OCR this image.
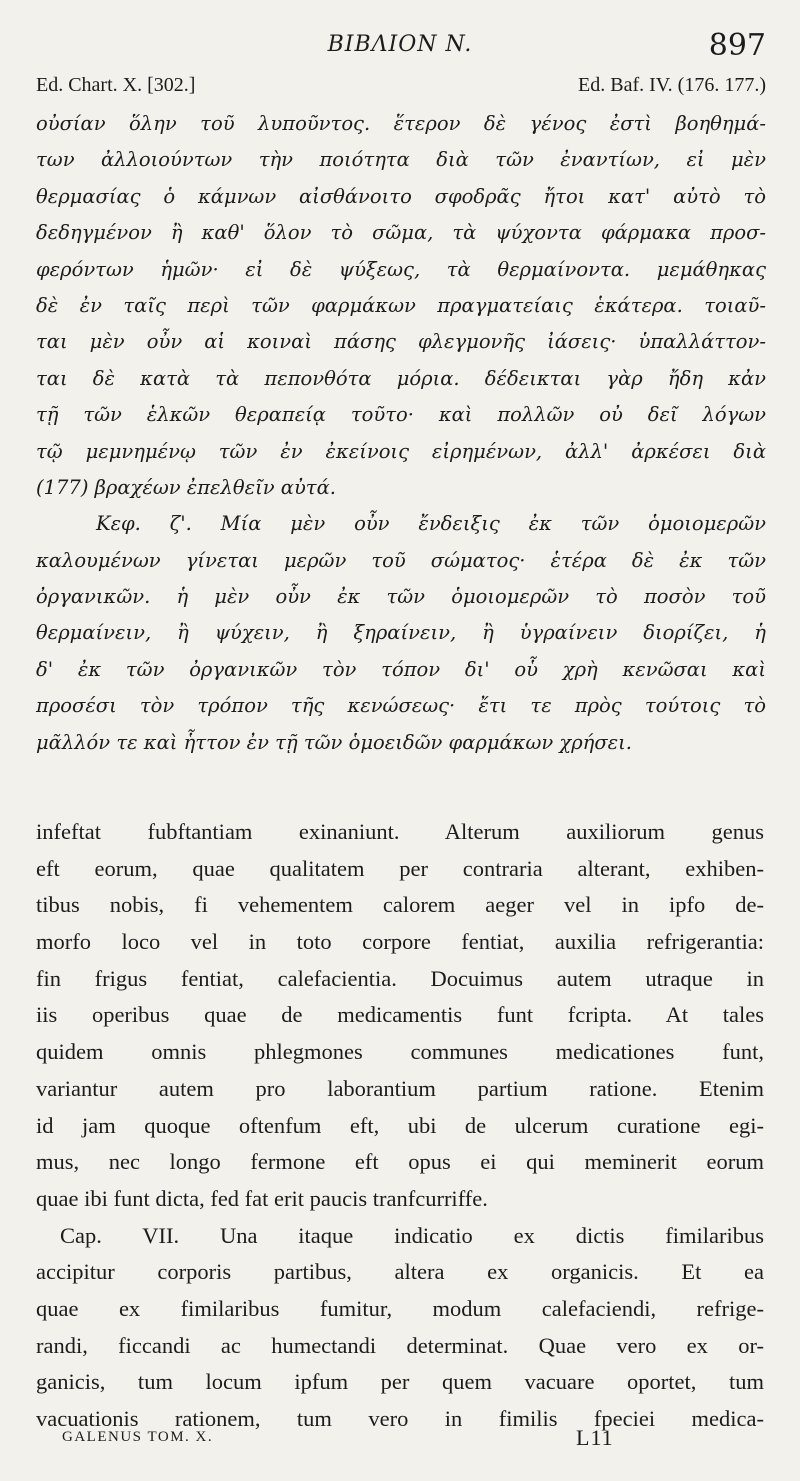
BIBΛION N.	897
Ed. Chart. X. [302.]	Ed. Baf. IV. (176. 177.)
οὐσίαν ὅλην τοῦ λυποῦντος. ἕτερον δὲ γένος ἐστὶ βοηθημά-
των ἀλλοιούντων τὴν ποιότητα διὰ τῶν ἐναντίων, εἰ μὲν
θερμασίας ὁ κάμνων αἰσθάνοιτο σφοδρᾶς ἤτοι κατ' αὐτὸ τὸ
δεδηγμένον ἢ καθ' ὅλον τὸ σῶμα, τὰ ψύχοντα φάρμακα προσ-
φερόντων ἡμῶν· εἰ δὲ ψύξεως, τὰ θερμαίνοντα. μεμάθηκας
δὲ ἐν ταῖς περὶ τῶν φαρμάκων πραγματείαις ἑκάτερα. τοιαῦ-
ται μὲν οὖν αἱ κοιναὶ πάσης φλεγμονῆς ἰάσεις· ὑπαλλάττον-
ται δὲ κατὰ τὰ πεπονθότα μόρια. δέδεικται γὰρ ἤδη κἀν
τῇ τῶν ἑλκῶν θεραπείᾳ τοῦτο· καὶ πολλῶν οὐ δεῖ λόγων
τῷ μεμνημένῳ τῶν ἐν ἐκείνοις εἰρημένων, ἀλλ' ἀρκέσει διὰ
(177) βραχέων ἐπελθεῖν αὐτά.
Κεφ. ζ'. Μία μὲν οὖν ἔνδειξις ἐκ τῶν ὁμοιομερῶν
καλουμένων γίνεται μερῶν τοῦ σώματος· ἑτέρα δὲ ἐκ τῶν
ὀργανικῶν. ἡ μὲν οὖν ἐκ τῶν ὁμοιομερῶν τὸ ποσὸν τοῦ
θερμαίνειν, ἢ ψύχειν, ἢ ξηραίνειν, ἢ ὑγραίνειν διορίζει, ἡ
δ' ἐκ τῶν ὀργανικῶν τὸν τόπον δι' οὗ χρὴ κενῶσαι καὶ
προσέσι τὸν τρόπον τῆς κενώσεως· ἔτι τε πρὸς τούτοις τὸ
μᾶλλόν τε καὶ ἧττον ἐν τῇ τῶν ὁμοειδῶν φαρμάκων χρήσει.
infeftat fubftantiam exinaniunt. Alterum auxiliorum genus
eft eorum, quae qualitatem per contraria alterant, exhiben-
tibus nobis, fi vehementem calorem aeger vel in ipfo de-
morfo loco vel in toto corpore fentiat, auxilia refrigerantia:
fin frigus fentiat, calefacientia. Docuimus autem utraque in
iis operibus quae de medicamentis funt fcripta. At tales
quidem omnis phlegmones communes medicationes funt,
variantur autem pro laborantium partium ratione. Etenim
id jam quoque oftenfum eft, ubi de ulcerum curatione egi-
mus, nec longo fermone eft opus ei qui meminerit eorum
quae ibi funt dicta, fed fat erit paucis tranfcurriffe.
Cap. VII. Una itaque indicatio ex dictis fimilaribus
accipitur corporis partibus, altera ex organicis. Et ea
quae ex fimilaribus fumitur, modum calefaciendi, refrige-
randi, ficcandi ac humectandi determinat. Quae vero ex or-
ganicis, tum locum ipfum per quem vacuare oportet, tum
vacuationis rationem, tum vero in fimilis fpeciei medica-
GALENUS TOM. X.	L11
